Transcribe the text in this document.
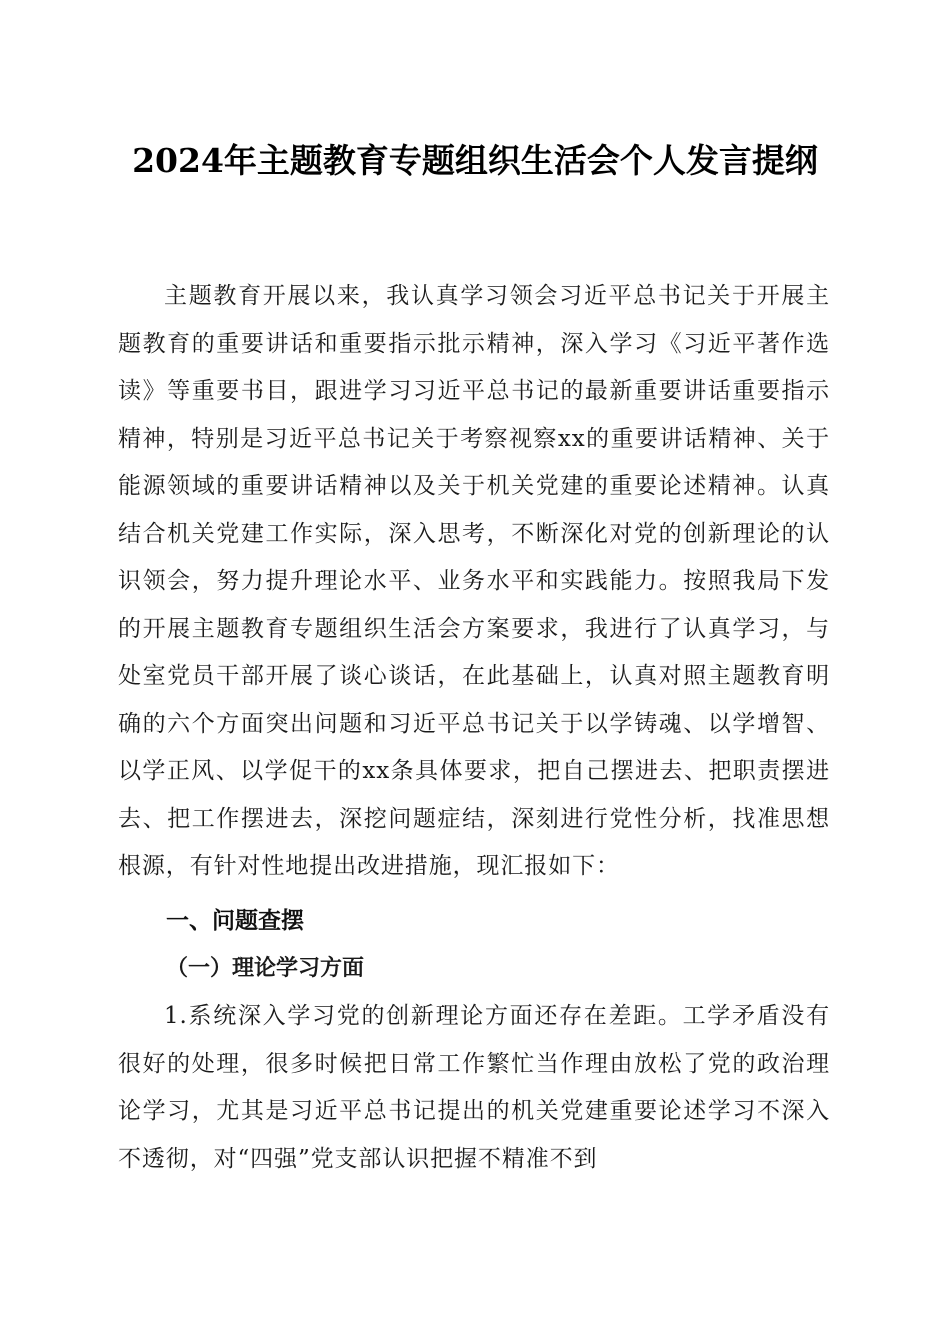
2024年主题教育专题组织生活会个人发言提纲

主题教育开展以来，我认真学习领会习近平总书记关于开展主题教育的重要讲话和重要指示批示精神，深入学习《习近平著作选读》等重要书目，跟进学习习近平总书记的最新重要讲话重要指示精神，特别是习近平总书记关于考察视察xx的重要讲话精神、关于能源领域的重要讲话精神以及关于机关党建的重要论述精神。认真结合机关党建工作实际，深入思考，不断深化对党的创新理论的认识领会，努力提升理论水平、业务水平和实践能力。按照我局下发的开展主题教育专题组织生活会方案要求，我进行了认真学习，与处室党员干部开展了谈心谈话，在此基础上，认真对照主题教育明确的六个方面突出问题和习近平总书记关于以学铸魂、以学增智、以学正风、以学促干的xx条具体要求，把自己摆进去、把职责摆进去、把工作摆进去，深挖问题症结，深刻进行党性分析，找准思想根源，有针对性地提出改进措施，现汇报如下：

一、问题查摆
（一）理论学习方面

1.系统深入学习党的创新理论方面还存在差距。工学矛盾没有很好的处理，很多时候把日常工作繁忙当作理由放松了党的政治理论学习，尤其是习近平总书记提出的机关党建重要论述学习不深入不透彻，对“四强”党支部认识把握不精准不到
